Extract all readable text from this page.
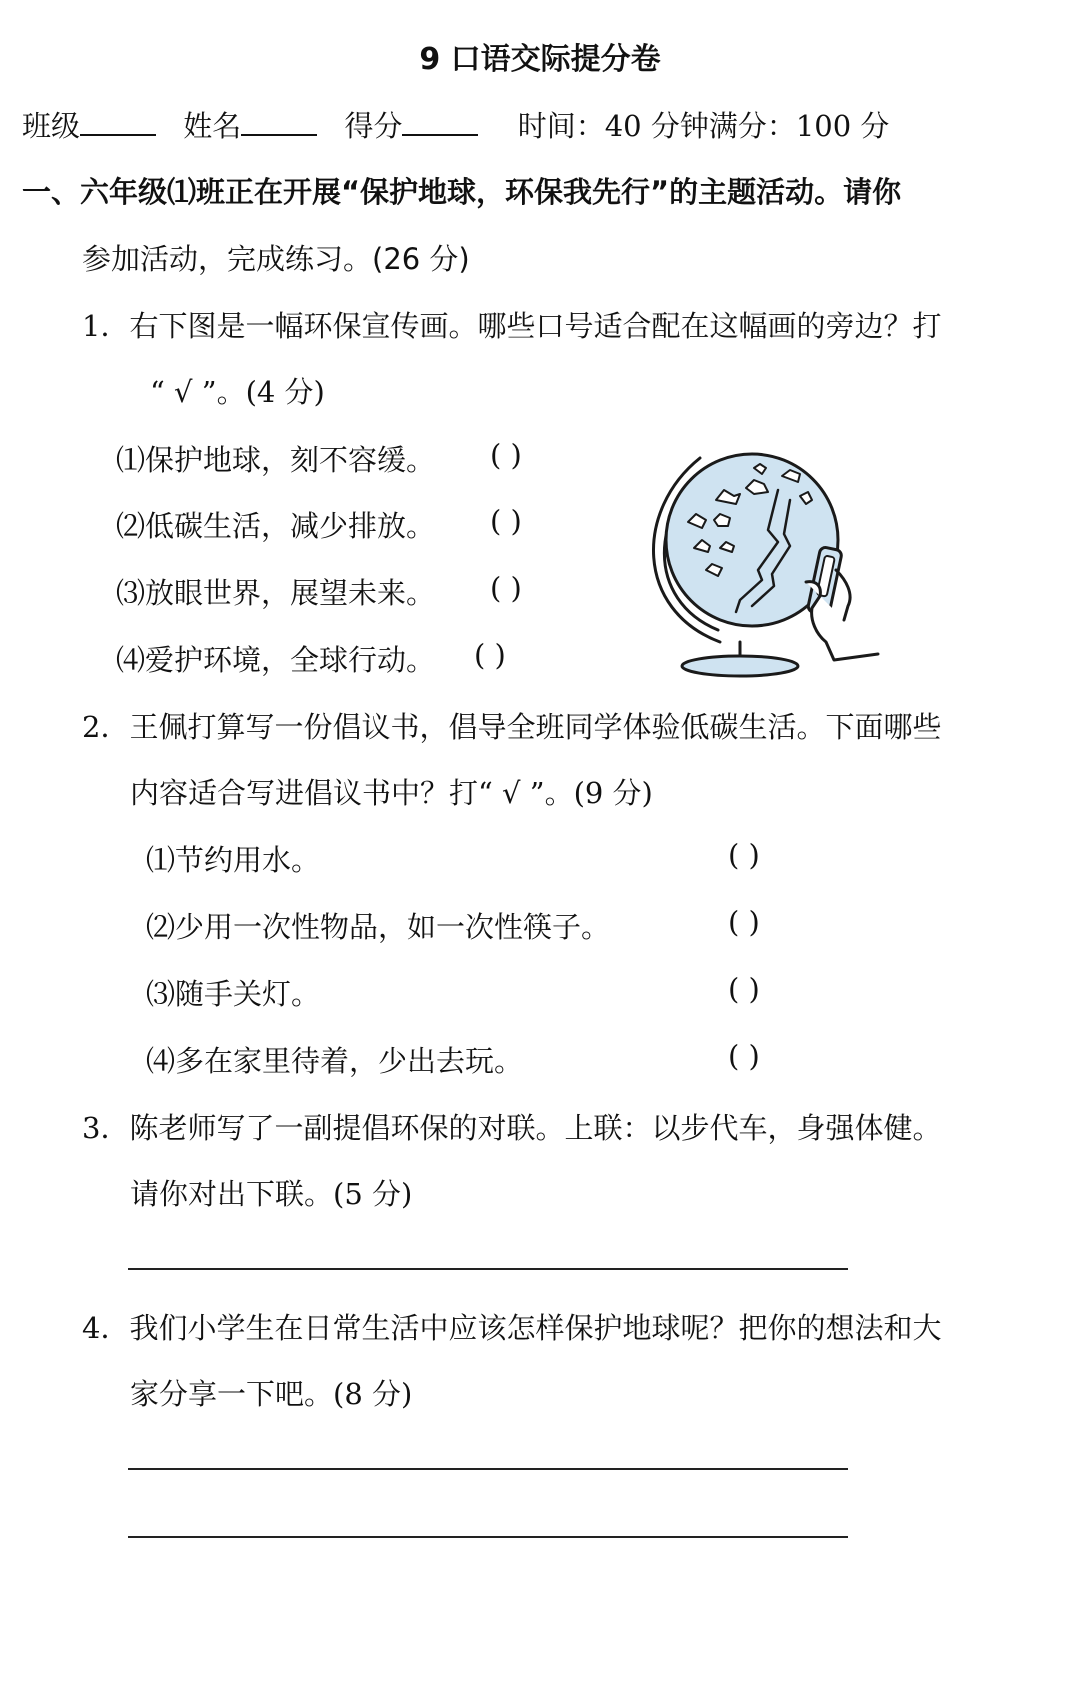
9 口语交际提分卷
班级	姓名	得分	时间：40 分钟满分：100 分
一、六年级⑴班正在开展“保护地球，环保我先行”的主题活动。请你
参加活动，完成练习。(26 分)
1．右下图是一幅环保宣传画。哪些口号适合配在这幅画的旁边？打
“ √ ”。(4 分)
⑴保护地球，刻不容缓。 ( )
⑵低碳生活，减少排放。 ( )
⑶放眼世界，展望未来。 ( )
⑷爱护环境，全球行动。 ( )
2．王佩打算写一份倡议书，倡导全班同学体验低碳生活。下面哪些
内容适合写进倡议书中？打“ √ ”。(9 分)
⑴节约用水。	( )
⑵少用一次性物品，如一次性筷子。	( )
⑶随手关灯。	( )
⑷多在家里待着，少出去玩。	( )
3．陈老师写了一副提倡环保的对联。上联：以步代车，身强体健。
请你对出下联。(5 分)
4．我们小学生在日常生活中应该怎样保护地球呢？把你的想法和大
家分享一下吧。(8 分)
